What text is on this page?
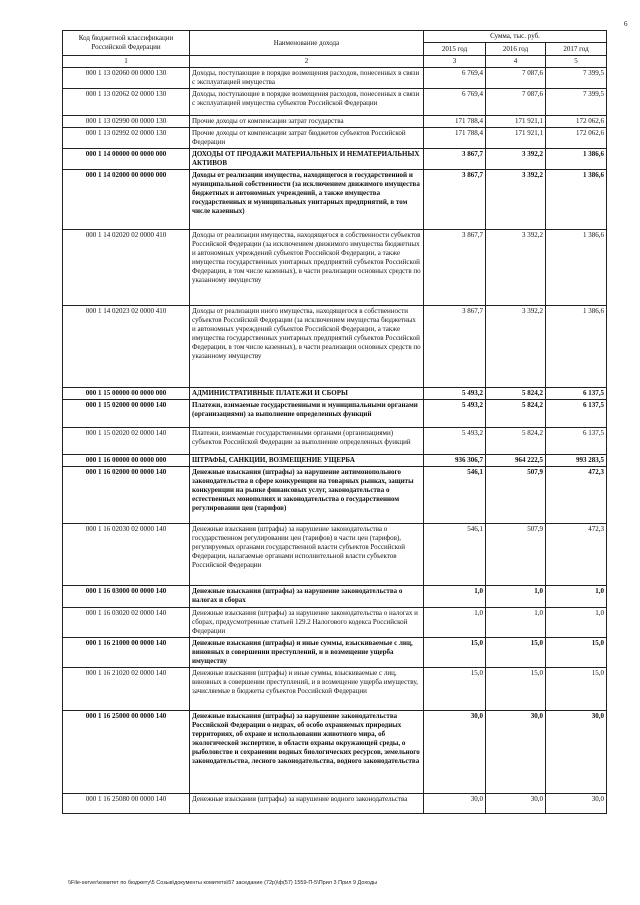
6
Код бюджетной классификации Российской Федерации	Наименование дохода	Сумма, тыс. руб.		
		2015 год	2016 год	2017 год
1	2	3	4	5
000 1 13 02060 00 0000 130	Доходы, поступающие в порядке возмещения расходов, понесенных в связи с эксплуатацией имущества	6 769,4	7 087,6	7 399,5
000 1 13 02062 02 0000 130	Доходы, поступающие в порядке возмещения расходов, понесенных в связи с эксплуатацией имущества субъектов Российской Федерации	6 769,4	7 087,6	7 399,5
000 1 13 02990 00 0000 130	Прочие доходы от компенсации затрат государства	171 788,4	171 921,1	172 062,6
000 1 13 02992 02 0000 130	Прочие доходы от компенсации затрат бюджетов субъектов Российской Федерации	171 788,4	171 921,1	172 062,6
000 1 14 00000 00 0000 000	ДОХОДЫ ОТ ПРОДАЖИ МАТЕРИАЛЬНЫХ И НЕМАТЕРИАЛЬНЫХ АКТИВОВ	3 867,7	3 392,2	1 386,6
000 1 14 02000 00 0000 000	Доходы от реализации имущества, находящегося в государственной и муниципальной собственности (за исключением движимого имущества бюджетных и автономных учреждений, а также имущества государственных и муниципальных унитарных предприятий, в том числе казенных)	3 867,7	3 392,2	1 386,6
000 1 14 02020 02 0000 410	Доходы от реализации имущества, находящегося в собственности субъектов Российской Федерации (за исключением движимого имущества бюджетных и автономных учреждений субъектов Российской Федерации, а также имущества государственных унитарных предприятий субъектов Российской Федерации, в том числе казенных), в части реализации основных средств по указанному имуществу	3 867,7	3 392,2	1 386,6
000 1 14 02023 02 0000 410	Доходы от реализации иного имущества, находящегося в собственности субъектов Российской Федерации (за исключением имущества бюджетных и автономных учреждений субъектов Российской Федерации, а также имущества государственных унитарных предприятий субъектов Российской Федерации, в том числе казенных), в части реализации основных средств по указанному имуществу	3 867,7	3 392,2	1 386,6
000 1 15 00000 00 0000 000	АДМИНИСТРАТИВНЫЕ ПЛАТЕЖИ И СБОРЫ	5 493,2	5 824,2	6 137,5
000 1 15 02000 00 0000 140	Платежи, взимаемые государственными и муниципальными органами (организациями) за выполнение определенных функций	5 493,2	5 824,2	6 137,5
000 1 15 02020 02 0000 140	Платежи, взимаемые государственными органами (организациями) субъектов Российской Федерации за выполнение определенных функций	5 493,2	5 824,2	6 137,5
000 1 16 00000 00 0000 000	ШТРАФЫ, САНКЦИИ, ВОЗМЕЩЕНИЕ УЩЕРБА	936 306,7	964 222,5	993 283,5
000 1 16 02000 00 0000 140	Денежные взыскания (штрафы) за нарушение антимонопольного законодательства в сфере конкуренции на товарных рынках, защиты конкуренции на рынке финансовых услуг, законодательства о естественных монополиях и законодательства о государственном регулировании цен (тарифов)	546,1	507,9	472,3
000 1 16 02030 02 0000 140	Денежные взыскания (штрафы) за нарушение законодательства о государственном регулировании цен (тарифов) в части цен (тарифов), регулируемых органами государственной власти субъектов Российской Федерации, налагаемые органами исполнительной власти субъектов Российской Федерации	546,1	507,9	472,3
000 1 16 03000 00 0000 140	Денежные взыскания (штрафы) за нарушение законодательства о налогах и сборах	1,0	1,0	1,0
000 1 16 03020 02 0000 140	Денежные взыскания (штрафы) за нарушение законодательства о налогах и сборах, предусмотренные статьей 129.2 Налогового кодекса Российской Федерации	1,0	1,0	1,0
000 1 16 21000 00 0000 140	Денежные взыскания (штрафы) и иные суммы, взыскиваемые с лиц, виновных в совершении преступлений, и в возмещение ущерба имуществу	15,0	15,0	15,0
000 1 16 21020 02 0000 140	Денежные взыскания (штрафы) и иные суммы, взыскиваемые с лиц, виновных в совершении преступлений, и в возмещение ущерба имуществу, зачисляемые в бюджеты субъектов Российской Федерации	15,0	15,0	15,0
000 1 16 25000 00 0000 140	Денежные взыскания (штрафы) за нарушение законодательства Российской Федерации о недрах, об особо охраняемых природных территориях, об охране и использовании животного мира, об экологической экспертизе, в области охраны окружающей среды, о рыболовстве и сохранении водных биологических ресурсов, земельного законодательства, лесного законодательства, водного законодательства	30,0	30,0	30,0
000 1 16 25080 00 0000 140	Денежные взыскания (штрафы) за нарушение водного законодательства	30,0	30,0	30,0
\\File-server\комитет по бюджету\5 Созыв\документы комитета\57 заседание (72р)\ф(57) 1559-П-5\Прил 3 Прил 9 Доходы
